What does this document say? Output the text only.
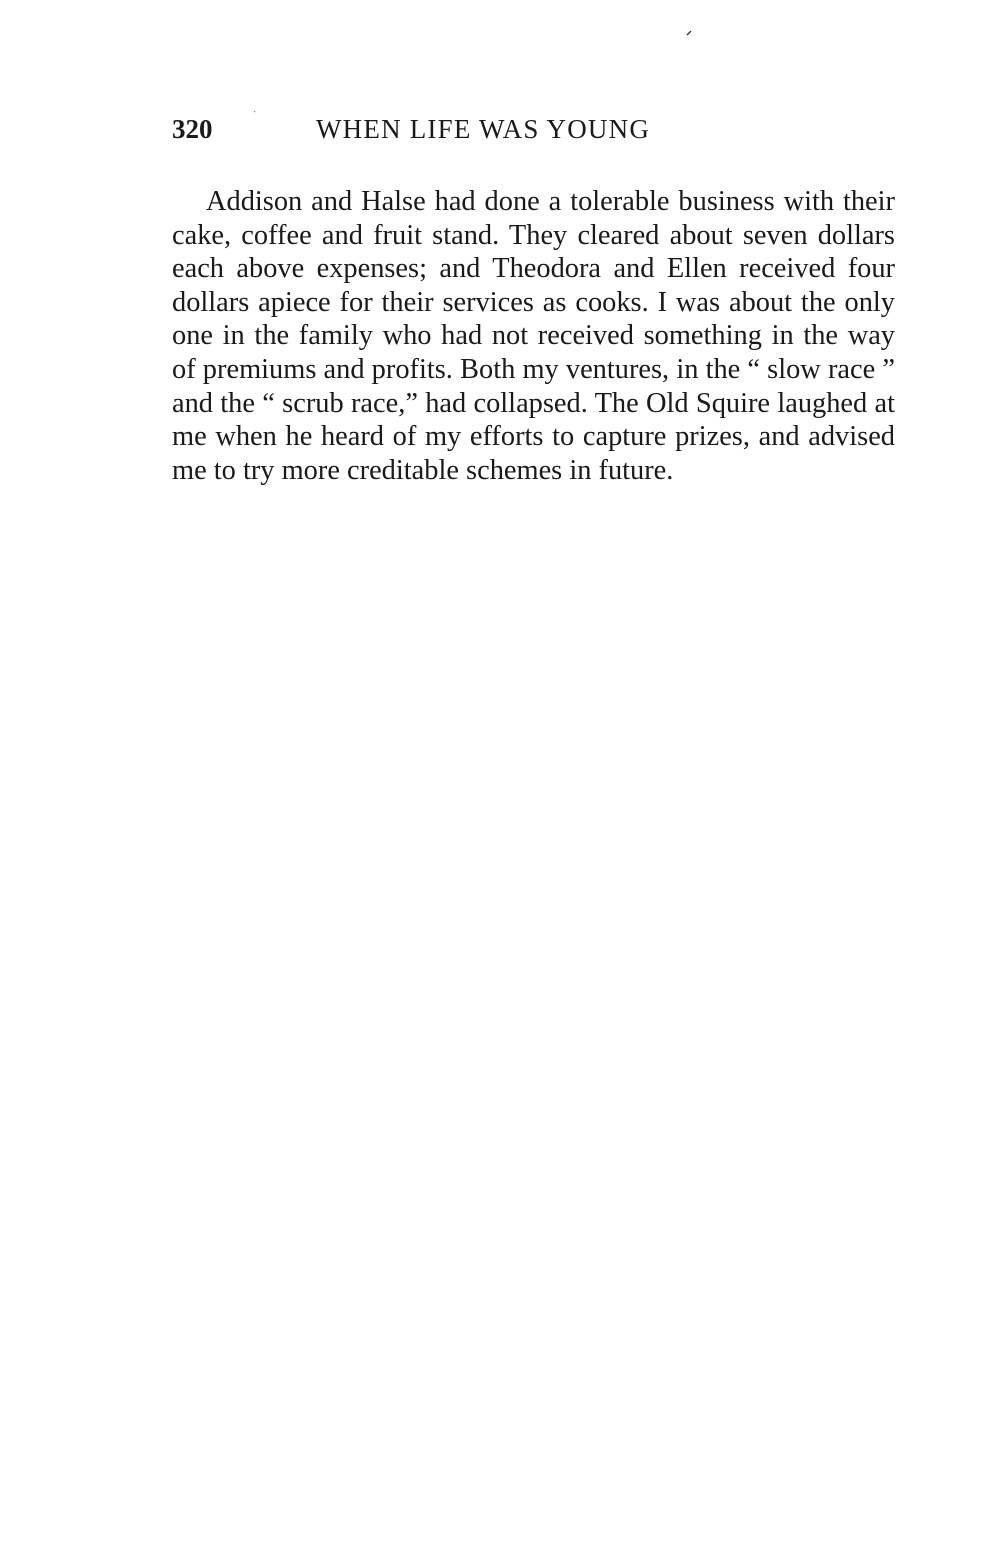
320	WHEN LIFE WAS YOUNG

Addison and Halse had done a tolerable business with their cake, coffee and fruit stand. They cleared about seven dollars each above expenses; and Theodora and Ellen received four dollars apiece for their services as cooks. I was about the only one in the family who had not received something in the way of premiums and profits. Both my ventures, in the “ slow race ” and the “ scrub race,” had collapsed. The Old Squire laughed at me when he heard of my efforts to capture prizes, and advised me to try more creditable schemes in future.
